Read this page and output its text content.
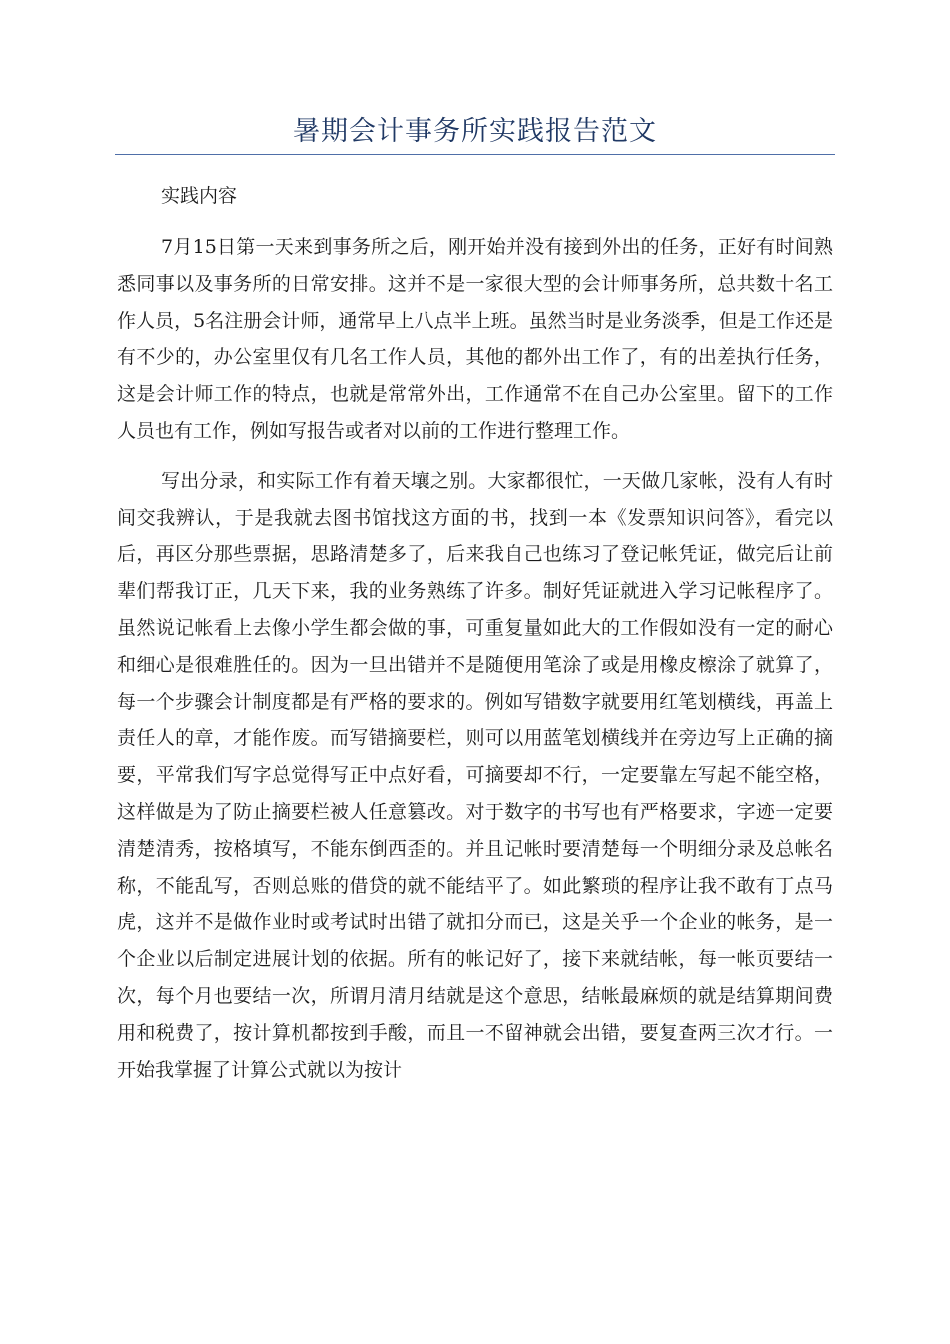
暑期会计事务所实践报告范文

实践内容

7月15日第一天来到事务所之后，刚开始并没有接到外出的任务，正好有时间熟悉同事以及事务所的日常安排。这并不是一家很大型的会计师事务所，总共数十名工作人员，5名注册会计师，通常早上八点半上班。虽然当时是业务淡季，但是工作还是有不少的，办公室里仅有几名工作人员，其他的都外出工作了，有的出差执行任务，这是会计师工作的特点，也就是常常外出，工作通常不在自己办公室里。留下的工作人员也有工作，例如写报告或者对以前的工作进行整理工作。

写出分录，和实际工作有着天壤之别。大家都很忙，一天做几家帐，没有人有时间交我辨认，于是我就去图书馆找这方面的书，找到一本《发票知识问答》，看完以后，再区分那些票据，思路清楚多了，后来我自己也练习了登记帐凭证，做完后让前辈们帮我订正，几天下来，我的业务熟练了许多。制好凭证就进入学习记帐程序了。虽然说记帐看上去像小学生都会做的事，可重复量如此大的工作假如没有一定的耐心和细心是很难胜任的。因为一旦出错并不是随便用笔涂了或是用橡皮檫涂了就算了，每一个步骤会计制度都是有严格的要求的。例如写错数字就要用红笔划横线，再盖上责任人的章，才能作废。而写错摘要栏，则可以用蓝笔划横线并在旁边写上正确的摘要，平常我们写字总觉得写正中点好看，可摘要却不行，一定要靠左写起不能空格，这样做是为了防止摘要栏被人任意篡改。对于数字的书写也有严格要求，字迹一定要清楚清秀，按格填写，不能东倒西歪的。并且记帐时要清楚每一个明细分录及总帐名称，不能乱写，否则总账的借贷的就不能结平了。如此繁琐的程序让我不敢有丁点马虎，这并不是做作业时或考试时出错了就扣分而已，这是关乎一个企业的帐务，是一个企业以后制定进展计划的依据。所有的帐记好了，接下来就结帐，每一帐页要结一次，每个月也要结一次，所谓月清月结就是这个意思，结帐最麻烦的就是结算期间费用和税费了，按计算机都按到手酸，而且一不留神就会出错，要复查两三次才行。一开始我掌握了计算公式就以为按计
